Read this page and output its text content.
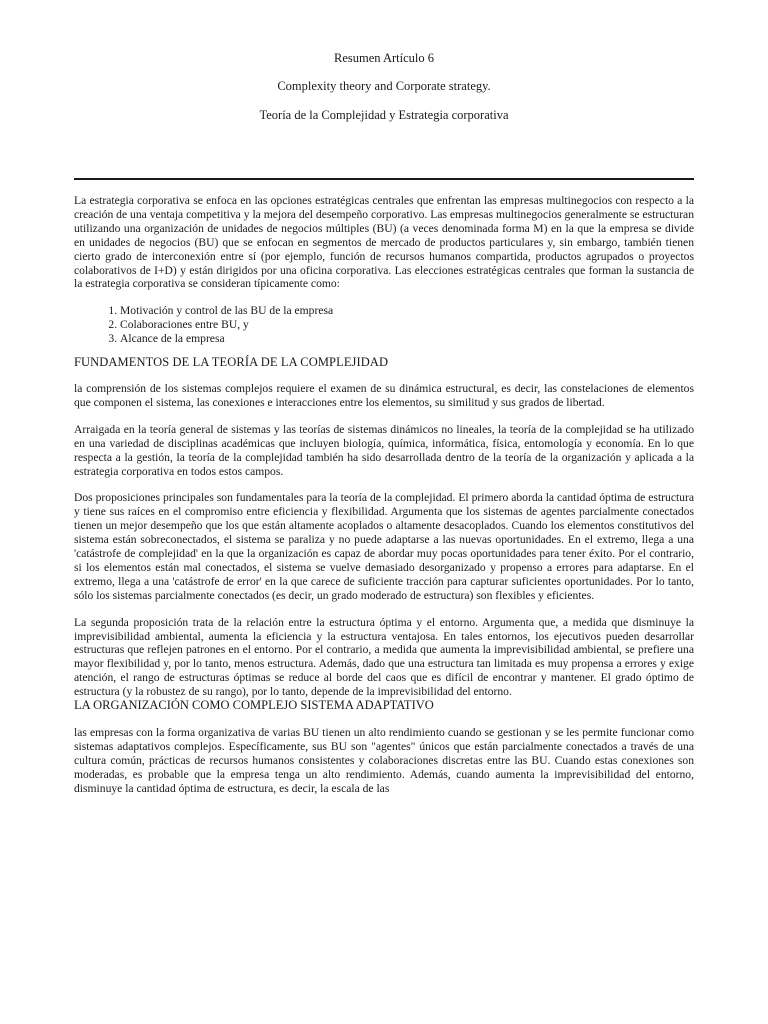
Resumen Artículo 6
Complexity theory and Corporate strategy.
Teoría de la Complejidad y Estrategia corporativa

La estrategia corporativa se enfoca en las opciones estratégicas centrales que enfrentan las empresas multinegocios con respecto a la creación de una ventaja competitiva y la mejora del desempeño corporativo. Las empresas multinegocios generalmente se estructuran utilizando una organización de unidades de negocios múltiples (BU) (a veces denominada forma M) en la que la empresa se divide en unidades de negocios (BU) que se enfocan en segmentos de mercado de productos particulares y, sin embargo, también tienen cierto grado de interconexión entre sí (por ejemplo, función de recursos humanos compartida, productos agrupados o proyectos colaborativos de I+D) y están dirigidos por una oficina corporativa. Las elecciones estratégicas centrales que forman la sustancia de la estrategia corporativa se consideran típicamente como:

1. Motivación y control de las BU de la empresa
2. Colaboraciones entre BU, y
3. Alcance de la empresa
FUNDAMENTOS DE LA TEORÍA DE LA COMPLEJIDAD

la comprensión de los sistemas complejos requiere el examen de su dinámica estructural, es decir, las constelaciones de elementos que componen el sistema, las conexiones e interacciones entre los elementos, su similitud y sus grados de libertad.

Arraigada en la teoría general de sistemas y las teorías de sistemas dinámicos no lineales, la teoría de la complejidad se ha utilizado en una variedad de disciplinas académicas que incluyen biología, química, informática, física, entomología y economía. En lo que respecta a la gestión, la teoría de la complejidad también ha sido desarrollada dentro de la teoría de la organización y aplicada a la estrategia corporativa en todos estos campos.

Dos proposiciones principales son fundamentales para la teoría de la complejidad. El primero aborda la cantidad óptima de estructura y tiene sus raíces en el compromiso entre eficiencia y flexibilidad. Argumenta que los sistemas de agentes parcialmente conectados tienen un mejor desempeño que los que están altamente acoplados o altamente desacoplados. Cuando los elementos constitutivos del sistema están sobreconectados, el sistema se paraliza y no puede adaptarse a las nuevas oportunidades. En el extremo, llega a una 'catástrofe de complejidad' en la que la organización es capaz de abordar muy pocas oportunidades para tener éxito. Por el contrario, si los elementos están mal conectados, el sistema se vuelve demasiado desorganizado y propenso a errores para adaptarse. En el extremo, llega a una 'catástrofe de error' en la que carece de suficiente tracción para capturar suficientes oportunidades. Por lo tanto, sólo los sistemas parcialmente conectados (es decir, un grado moderado de estructura) son flexibles y eficientes.

La segunda proposición trata de la relación entre la estructura óptima y el entorno. Argumenta que, a medida que disminuye la imprevisibilidad ambiental, aumenta la eficiencia y la estructura ventajosa. En tales entornos, los ejecutivos pueden desarrollar estructuras que reflejen patrones en el entorno. Por el contrario, a medida que aumenta la imprevisibilidad ambiental, se prefiere una mayor flexibilidad y, por lo tanto, menos estructura. Además, dado que una estructura tan limitada es muy propensa a errores y exige atención, el rango de estructuras óptimas se reduce al borde del caos que es difícil de encontrar y mantener. El grado óptimo de estructura (y la robustez de su rango), por lo tanto, depende de la imprevisibilidad del entorno.

LA ORGANIZACIÓN COMO COMPLEJO SISTEMA ADAPTATIVO

las empresas con la forma organizativa de varias BU tienen un alto rendimiento cuando se gestionan y se les permite funcionar como sistemas adaptativos complejos. Específicamente, sus BU son "agentes" únicos que están parcialmente conectados a través de una cultura común, prácticas de recursos humanos consistentes y colaboraciones discretas entre las BU. Cuando estas conexiones son moderadas, es probable que la empresa tenga un alto rendimiento. Además, cuando aumenta la imprevisibilidad del entorno, disminuye la cantidad óptima de estructura, es decir, la escala de las
